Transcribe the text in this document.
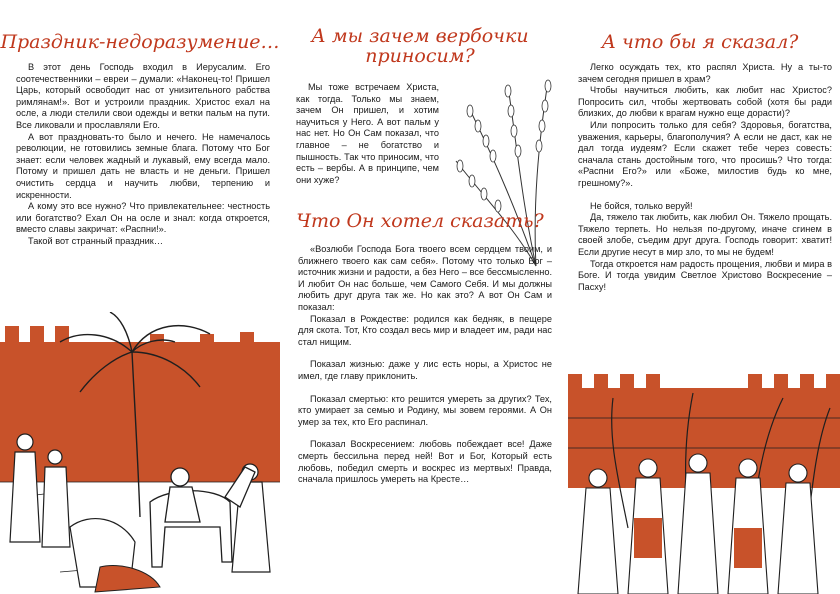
Праздник-недоразумение…

В этот день Господь входил в Иерусалим. Его соотечественники – евреи – думали: «Наконец-то! Пришел Царь, который освободит нас от унизительного рабства римлянам!». Вот и устроили праздник. Христос ехал на осле, а люди стелили свои одежды и ветки пальм на пути. Все ликовали и прославляли Его.

А вот праздновать-то было и нечего. Не намечалось революции, не готовились земные блага. Потому что Бог знает: если человек жадный и лукавый, ему всегда мало. Потому и пришел дать не власть и не деньги. Пришел очистить сердца и научить любви, терпению и искренности.

А кому это все нужно? Что привлекательнее: честность или богатство? Ехал Он на осле и знал: когда откроется, вместо славы закричат: «Распни!».

Такой вот странный праздник…

А мы зачем вербочки
приносим?

Мы тоже встречаем Христа, как тогда. Только мы знаем, зачем Он пришел, и хотим научиться у Него. А вот пальм у нас нет. Но Он Сам показал, что главное – не богатство и пышность. Так что приносим, что есть – вербы. А в принципе, чем они хуже?

Что Он хотел сказать?

«Возлюби Господа Бога твоего всем сердцем твоим, и ближнего твоего как сам себя». Потому что только Бог – источник жизни и радости, а без Него – все бессмысленно. И любит Он нас больше, чем Самого Себя. И мы должны любить друг друга так же. Но как это? А вот Он Сам и показал:

Показал в Рождестве: родился как бедняк, в пещере для скота. Тот, Кто создал весь мир и владеет им, ради нас стал нищим.

Показал жизнью: даже у лис есть норы, а Христос не имел, где главу приклонить.

Показал смертью: кто решится умереть за других? Тех, кто умирает за семью и Родину, мы зовем героями. А Он умер за тех, кто Его распинал.

Показал Воскресением: любовь побеждает все! Даже смерть бессильна перед ней! Вот и Бог, Который есть любовь, победил смерть и воскрес из мертвых! Правда, сначала пришлось умереть на Кресте…

А что бы я сказал?

Легко осуждать тех, кто распял Христа. Ну а ты-то зачем сегодня пришел в храм?

Чтобы научиться любить, как любит нас Христос? Попросить сил, чтобы жертвовать собой (хотя бы ради близких, до любви к врагам нужно еще дорасти)?

Или попросить только для себя? Здоровья, богатства, уважения, карьеры, благополучия? А если не даст, как не дал тогда иудеям? Если скажет тебе через совесть: сначала стань достойным того, что просишь? Что тогда: «Распни Его?» или «Боже, милостив будь ко мне, грешному?».

Не бойся, только веруй!

Да, тяжело так любить, как любил Он. Тяжело прощать. Тяжело терпеть. Но нельзя по-другому, иначе сгинем в своей злобе, съедим друг друга. Господь говорит: хватит! Если другие несут в мир зло, то мы не будем!

Тогда откроется нам радость прощения, любви и мира в Боге. И тогда увидим Светлое Христово Воскресение – Пасху!
